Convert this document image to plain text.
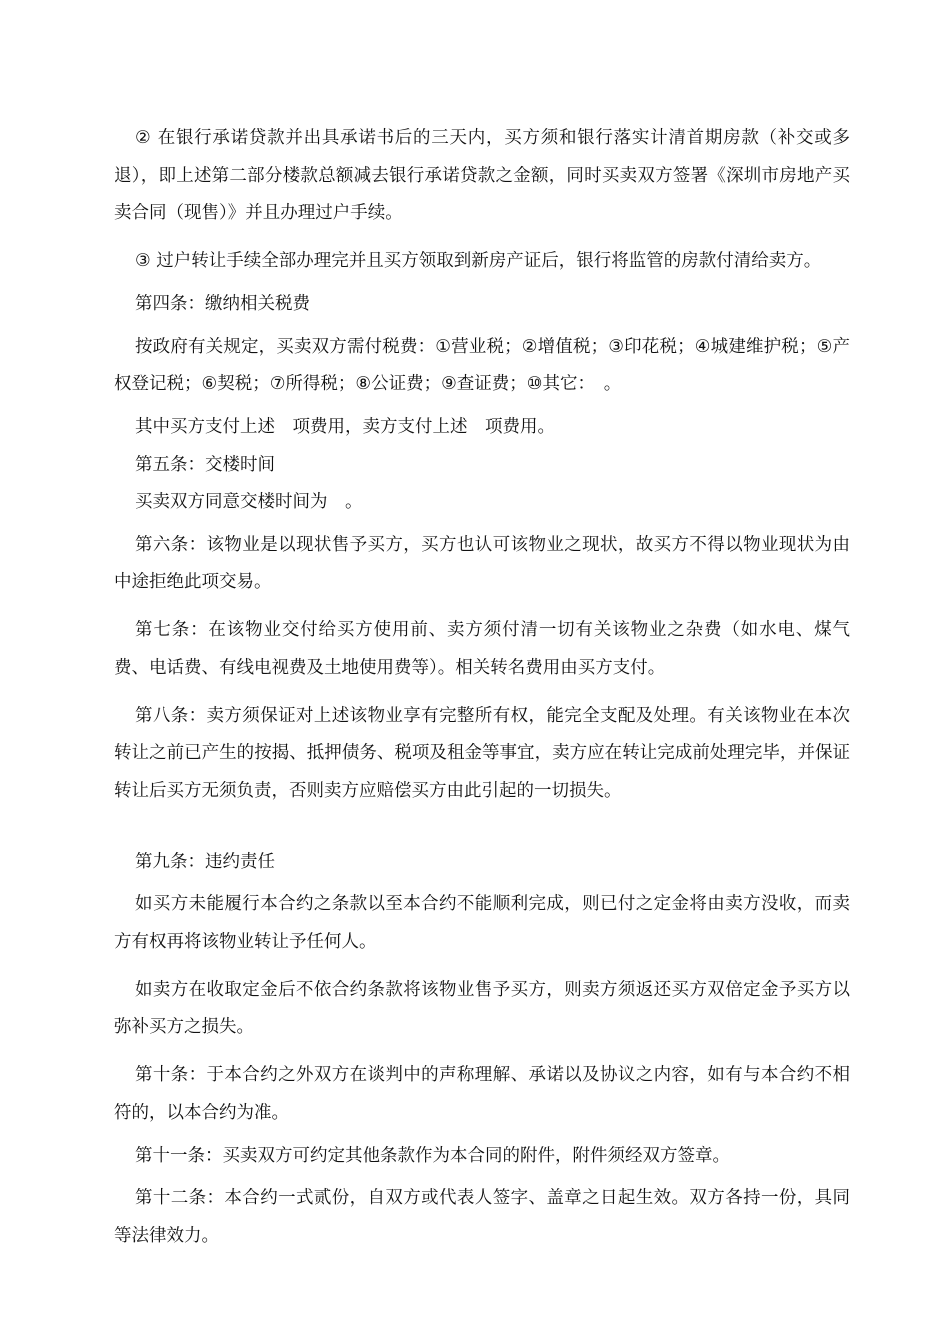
② 在银行承诺贷款并出具承诺书后的三天内，买方须和银行落实计清首期房款（补交或多退），即上述第二部分楼款总额减去银行承诺贷款之金额，同时买卖双方签署《深圳市房地产买卖合同（现售）》并且办理过户手续。

③ 过户转让手续全部办理完并且买方领取到新房产证后，银行将监管的房款付清给卖方。

第四条：缴纳相关税费

按政府有关规定，买卖双方需付税费：①营业税；②增值税；③印花税；④城建维护税；⑤产权登记税；⑥契税；⑦所得税；⑧公证费；⑨查证费；⑩其它：　。

其中买方支付上述　项费用，卖方支付上述　项费用。

第五条：交楼时间

买卖双方同意交楼时间为　。

第六条：该物业是以现状售予买方，买方也认可该物业之现状，故买方不得以物业现状为由中途拒绝此项交易。

第七条：在该物业交付给买方使用前、卖方须付清一切有关该物业之杂费（如水电、煤气费、电话费、有线电视费及土地使用费等）。相关转名费用由买方支付。

第八条：卖方须保证对上述该物业享有完整所有权，能完全支配及处理。有关该物业在本次转让之前已产生的按揭、抵押债务、税项及租金等事宜，卖方应在转让完成前处理完毕，并保证转让后买方无须负责，否则卖方应赔偿买方由此引起的一切损失。

第九条：违约责任

如买方未能履行本合约之条款以至本合约不能顺利完成，则已付之定金将由卖方没收，而卖方有权再将该物业转让予任何人。

如卖方在收取定金后不依合约条款将该物业售予买方，则卖方须返还买方双倍定金予买方以弥补买方之损失。

第十条：于本合约之外双方在谈判中的声称理解、承诺以及协议之内容，如有与本合约不相符的，以本合约为准。

第十一条：买卖双方可约定其他条款作为本合同的附件，附件须经双方签章。

第十二条：本合约一式贰份，自双方或代表人签字、盖章之日起生效。双方各持一份，具同等法律效力。
